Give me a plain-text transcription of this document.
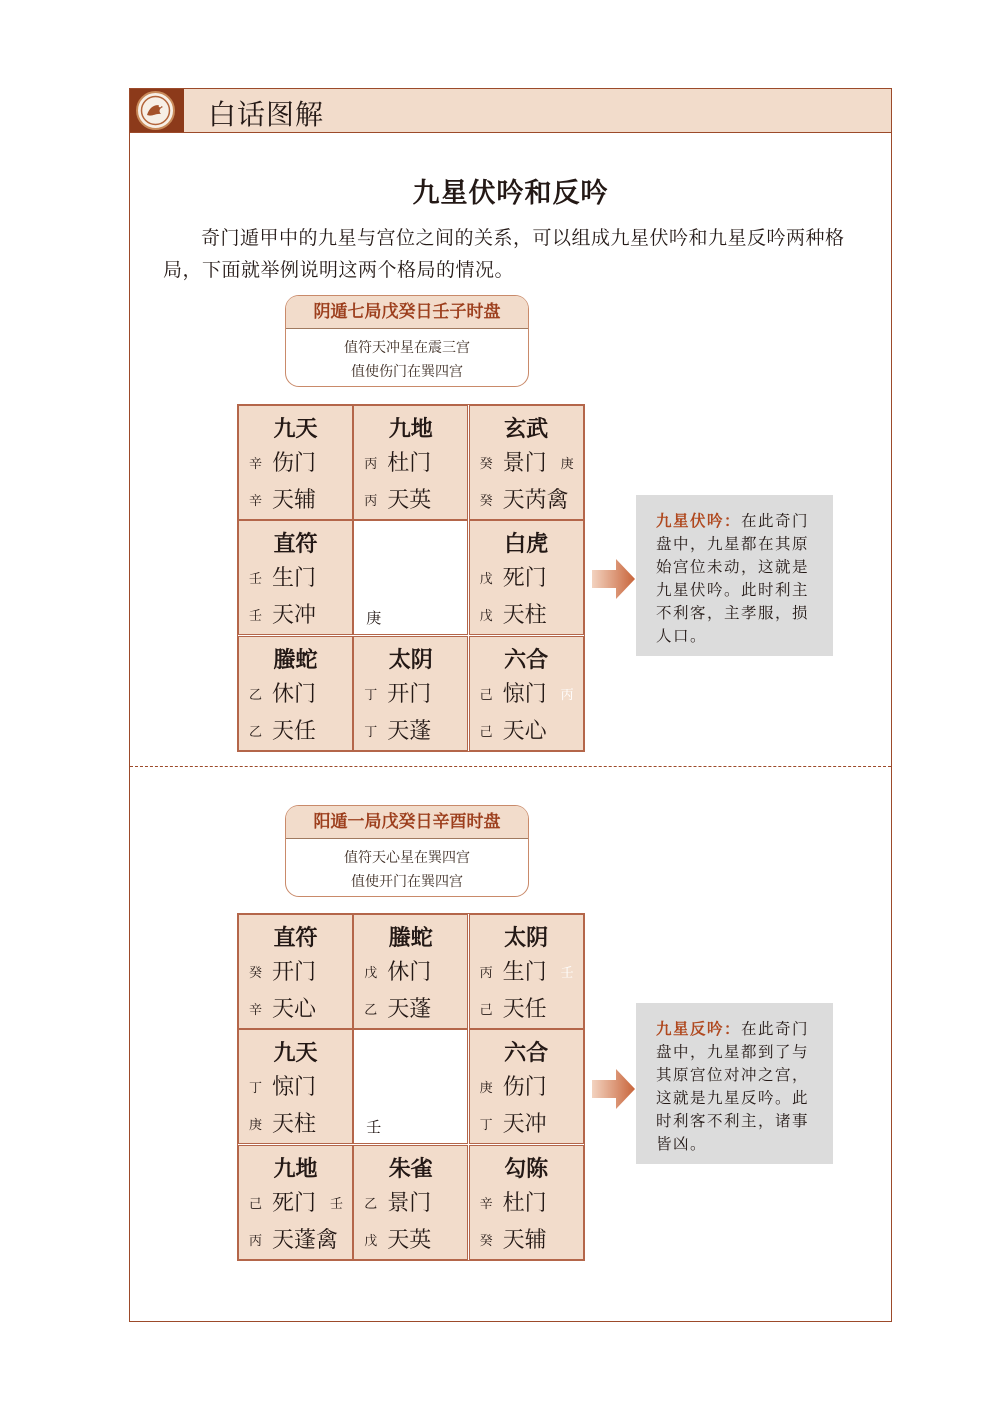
白话图解
九星伏吟和反吟
奇门遁甲中的九星与宫位之间的关系，可以组成九星伏吟和九星反吟两种格局，下面就举例说明这两个格局的情况。
阴遁七局戊癸日壬子时盘
值符天冲星在震三宫
值使伤门在巽四宫
九天
辛 伤门
辛 天辅
九地
丙 杜门
丙 天英
玄武
癸 景门 庚
癸 天芮禽
直符
壬 生门
壬 天冲	庚
白虎
戊 死门
戊 天柱
螣蛇
乙 休门
乙 天任
太阴
丁 开门
丁 天蓬
六合
己 惊门 丙
己 天心
九星伏吟：在此奇门盘中，九星都在其原始宫位未动，这就是九星伏吟。此时利主不利客，主孝服，损人口。
阳遁一局戊癸日辛酉时盘
值符天心星在巽四宫
值使开门在巽四宫
直符
癸 开门
辛 天心
螣蛇
戊 休门
乙 天蓬
太阴
丙 生门 壬
己 天任
九天
丁 惊门
庚 天柱	壬
六合
庚 伤门
丁 天冲
九地
己 死门 壬
丙 天蓬禽
朱雀
乙 景门
戊 天英
勾陈
辛 杜门
癸 天辅
九星反吟：在此奇门盘中，九星都到了与其原宫位对冲之宫，这就是九星反吟。此时利客不利主，诸事皆凶。
